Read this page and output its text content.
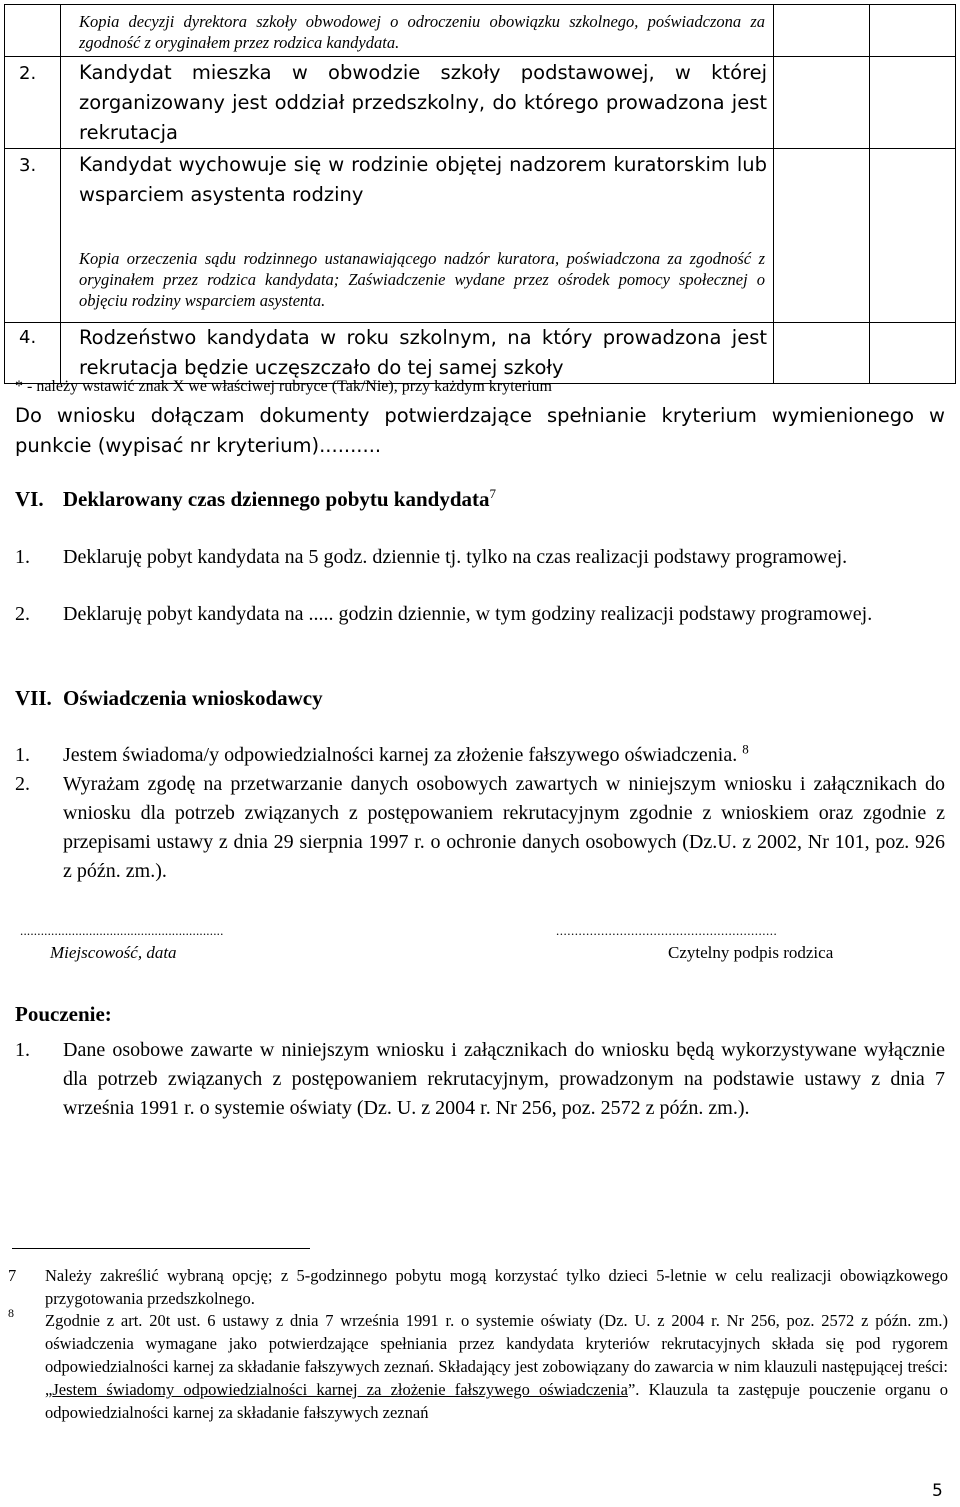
	Kopia decyzji dyrektora szkoły obwodowej o odroczeniu obowiązku szkolnego, poświadczona za zgodność z oryginałem przez rodzica kandydata.		

2.	Kandydat mieszka w obwodzie szkoły podstawowej, w której zorganizowany jest oddział przedszkolny, do którego prowadzona jest rekrutacja		

3.	Kandydat wychowuje się w rodzinie objętej nadzorem kuratorskim lub wsparciem asystenta rodziny
Kopia orzeczenia sądu rodzinnego ustanawiającego nadzór kuratora, poświadczona za zgodność z oryginałem przez rodzica kandydata; Zaświadczenie wydane przez ośrodek pomocy społecznej o objęciu rodziny wsparciem asystenta.		

4.	Rodzeństwo kandydata w roku szkolnym, na który prowadzona jest rekrutacja będzie uczęszczało do tej samej szkoły		

* - należy wstawić znak X we właściwej rubryce (Tak/Nie), przy każdym kryterium
Do wniosku dołączam dokumenty potwierdzające spełnianie kryterium wymienionego w punkcie (wypisać nr kryterium)..........
VI. Deklarowany czas dziennego pobytu kandydata$^7$
1. Deklaruję pobyt kandydata na 5 godz. dziennie tj. tylko na czas realizacji podstawy programowej.
2. Deklaruję pobyt kandydata na ..... godzin dziennie, w tym godziny realizacji podstawy programowej.
VII. Oświadczenia wnioskodawcy
1. Jestem świadoma/y odpowiedzialności karnej za złożenie fałszywego oświadczenia. $^8$
2. Wyrażam zgodę na przetwarzanie danych osobowych zawartych w niniejszym wniosku i załącznikach do wniosku dla potrzeb związanych z postępowaniem rekrutacyjnym zgodnie z wnioskiem oraz zgodnie z przepisami ustawy z dnia 29 sierpnia 1997 r. o ochronie danych osobowych (Dz.U. z 2002, Nr 101, poz. 926 z późn. zm.).
...........................................................
Miejscowość, data
...........................................................
Czytelny podpis rodzica
Pouczenie:
1. Dane osobowe zawarte w niniejszym wniosku i załącznikach do wniosku będą wykorzystywane wyłącznie dla potrzeb związanych z postępowaniem rekrutacyjnym, prowadzonym na podstawie ustawy z dnia 7 września 1991 r. o systemie oświaty (Dz. U. z 2004 r. Nr 256, poz. 2572 z późn. zm.).
7 Należy zakreślić wybraną opcję; z 5-godzinnego pobytu mogą korzystać tylko dzieci 5-letnie w celu realizacji obowiązkowego przygotowania przedszkolnego.
8 Zgodnie z art. 20t ust. 6 ustawy z dnia 7 września 1991 r. o systemie oświaty (Dz. U. z 2004 r. Nr 256, poz. 2572 z późn. zm.) oświadczenia wymagane jako potwierdzające spełniania przez kandydata kryteriów rekrutacyjnych składa się pod rygorem odpowiedzialności karnej za składanie fałszywych zeznań. Składający jest zobowiązany do zawarcia w nim klauzuli następującej treści: „Jestem świadomy odpowiedzialności karnej za złożenie fałszywego oświadczenia”. Klauzula ta zastępuje pouczenie organu o odpowiedzialności karnej za składanie fałszywych zeznań
5
